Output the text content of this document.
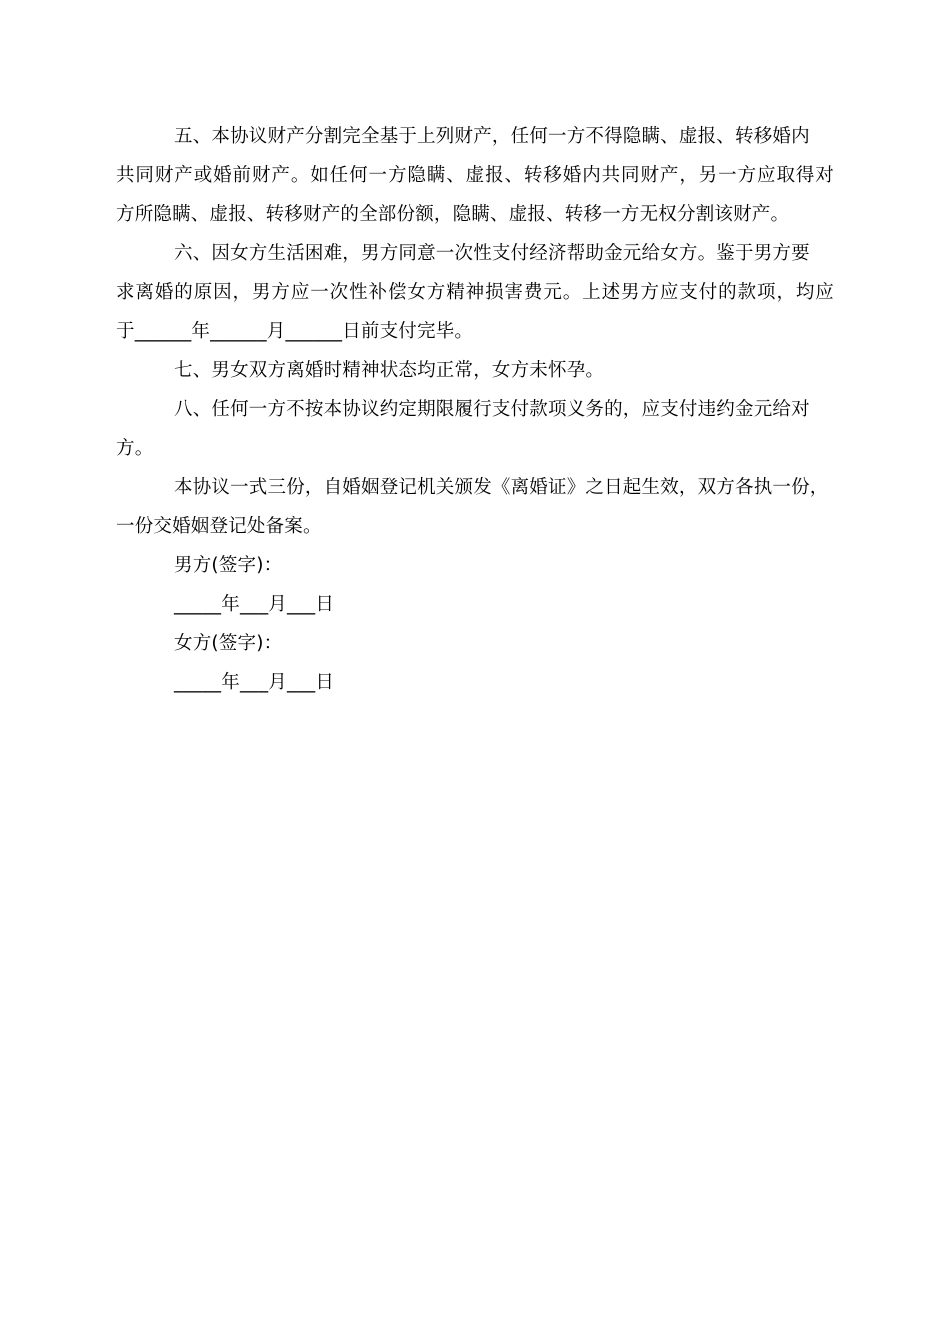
五、本协议财产分割完全基于上列财产，任何一方不得隐瞒、虚报、转移婚内
共同财产或婚前财产。如任何一方隐瞒、虚报、转移婚内共同财产，另一方应取得对
方所隐瞒、虚报、转移财产的全部份额，隐瞒、虚报、转移一方无权分割该财产。
六、因女方生活困难，男方同意一次性支付经济帮助金元给女方。鉴于男方要
求离婚的原因，男方应一次性补偿女方精神损害费元。上述男方应支付的款项，均应
于______年______月______日前支付完毕。
七、男女双方离婚时精神状态均正常，女方未怀孕。
八、任何一方不按本协议约定期限履行支付款项义务的，应支付违约金元给对
方。
本协议一式三份，自婚姻登记机关颁发《离婚证》之日起生效，双方各执一份，
一份交婚姻登记处备案。
男方(签字)：
_____年___月___日
女方(签字)：
_____年___月___日
